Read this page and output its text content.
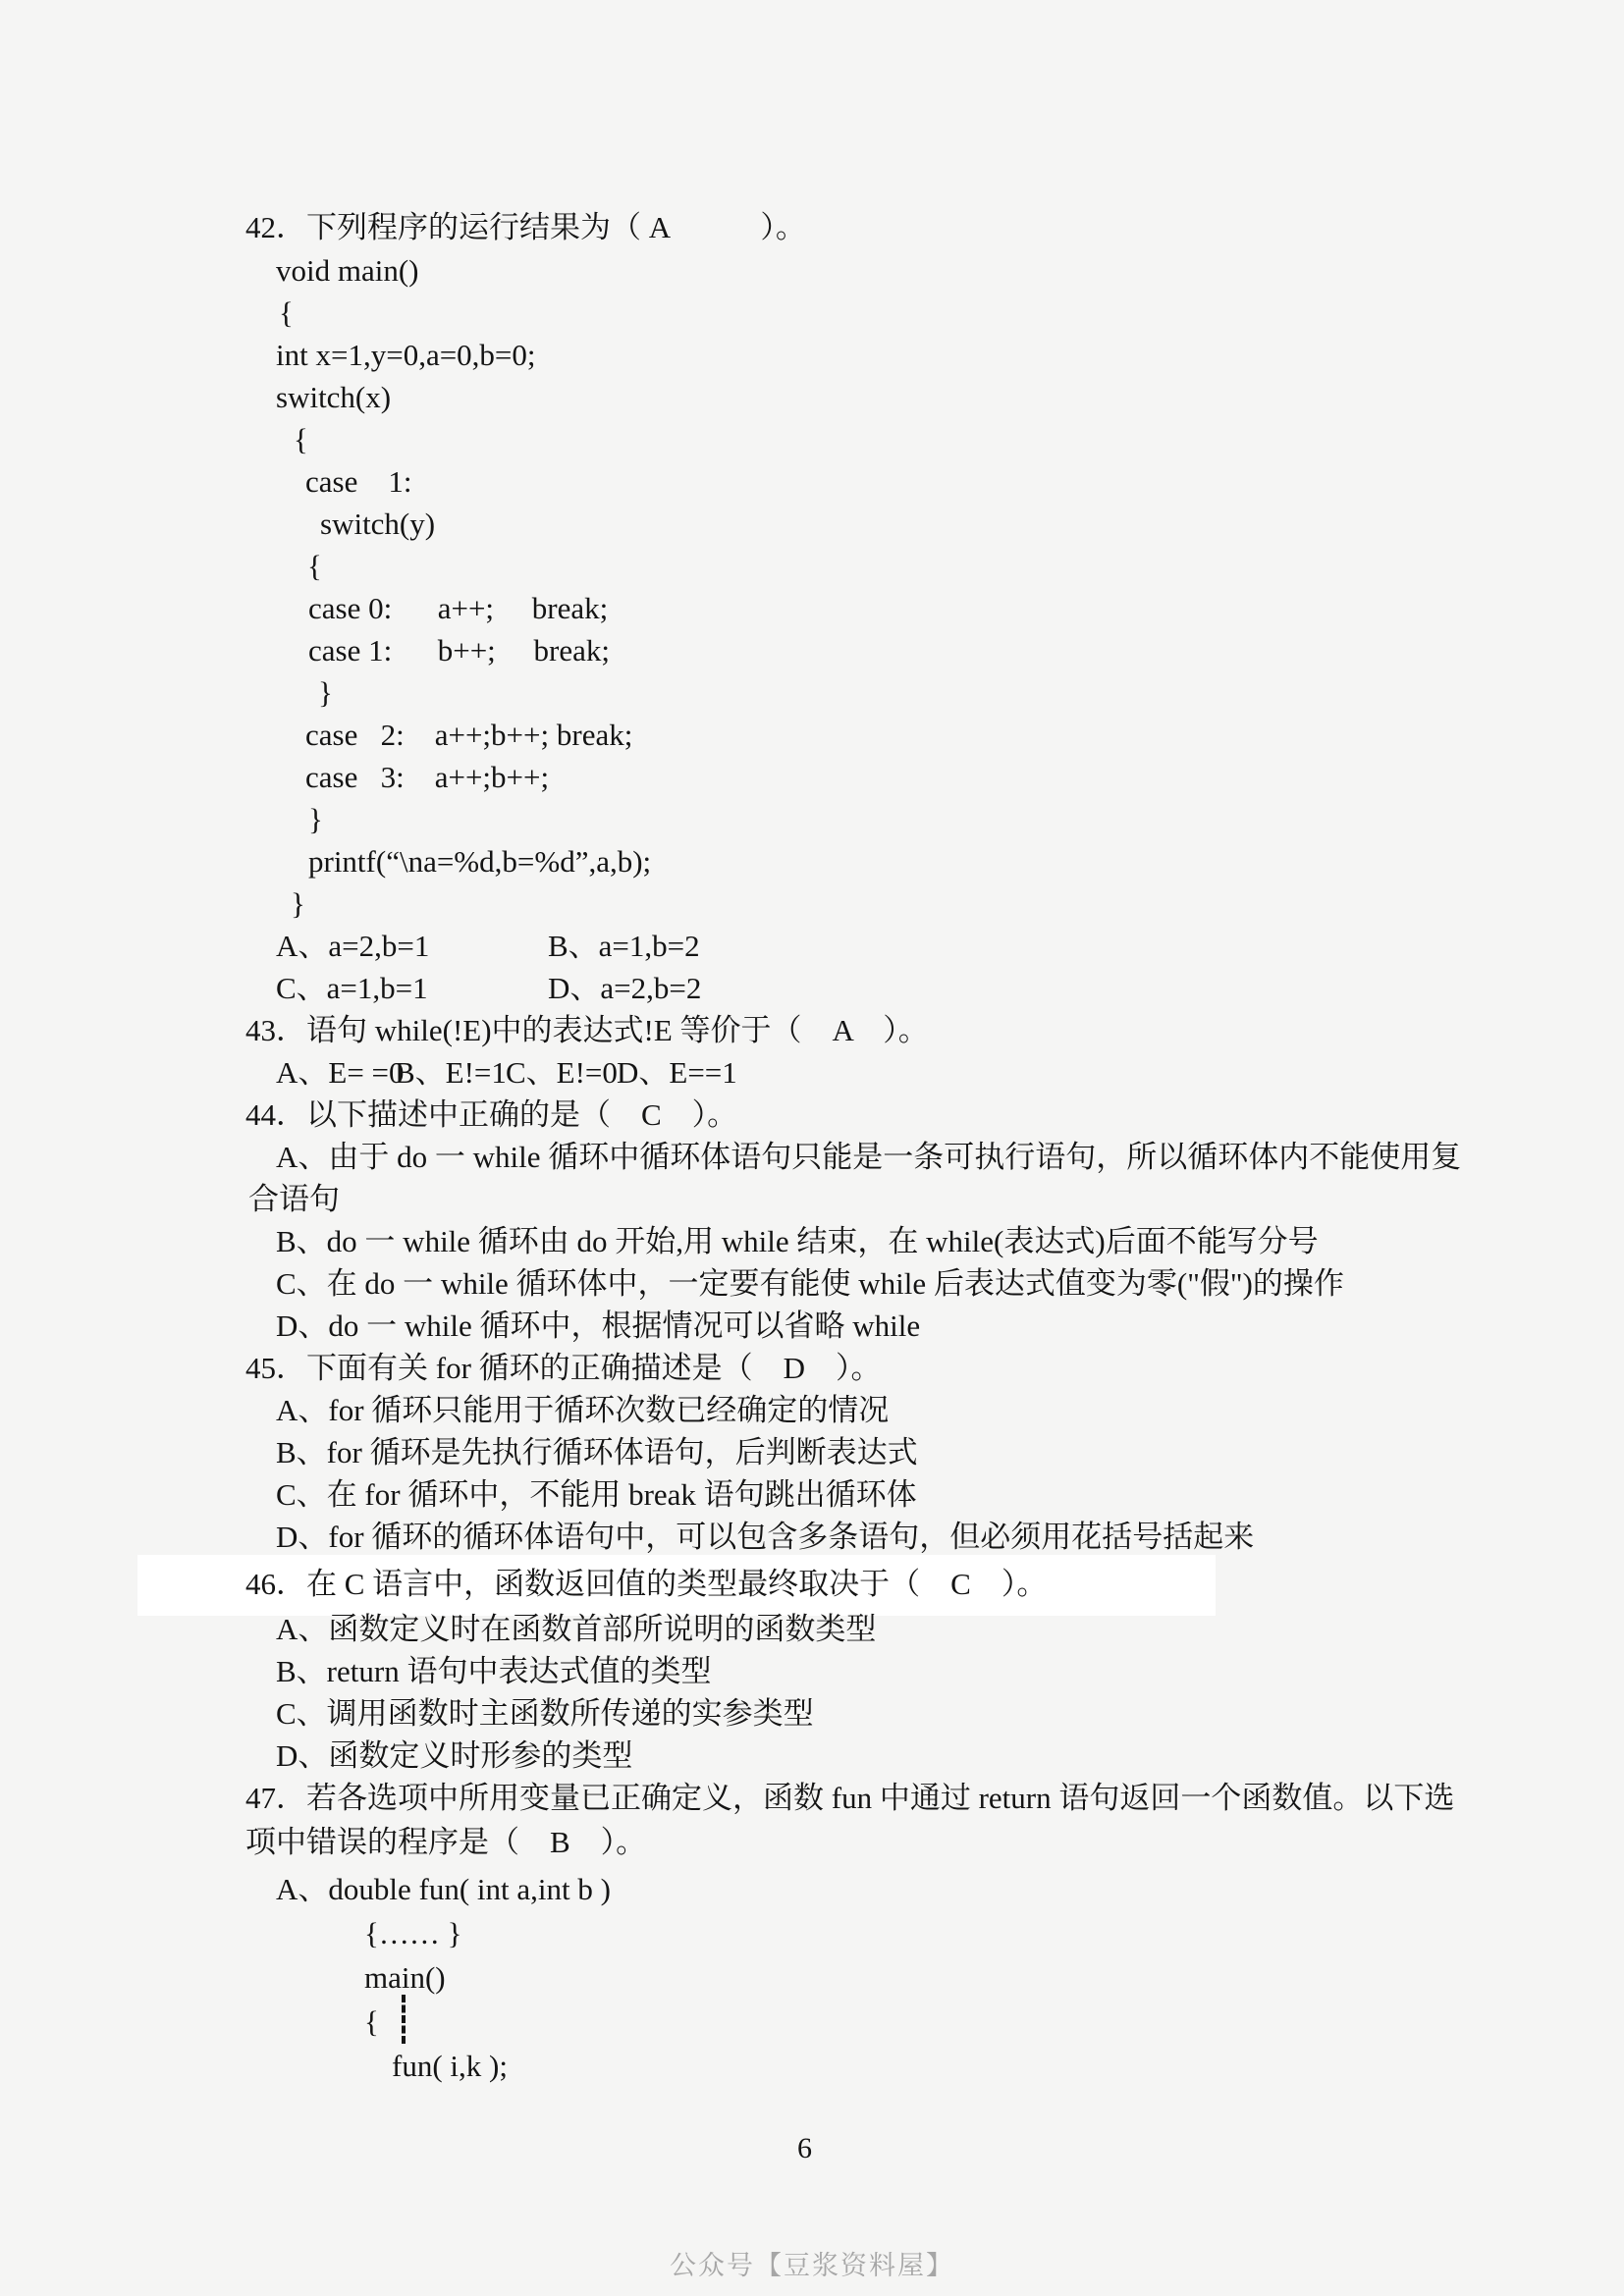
42．下列程序的运行结果为（ A　　　）。
void main()
{
int x=1,y=0,a=0,b=0;
switch(x)
{
case    1:
switch(y)
{
case 0:      a++;     break;
case 1:      b++;     break;
}
case   2:    a++;b++; break;
case   3:    a++;b++;
}
printf(“\na=%d,b=%d”,a,b);
}
A、a=2,b=1	B、a=1,b=2
C、a=1,b=1	D、a=2,b=2
43．语句 while(!E)中的表达式!E 等价于（　A　）。
A、E= =0
B、E!=1 C、E!=0 D、E==1
44．以下描述中正确的是（　C　）。
A、由于 do 一 while 循环中循环体语句只能是一条可执行语句，所以循环体内不能使用复
合语句
B、do 一 while 循环由 do 开始,用 while 结束，在 while(表达式)后面不能写分号
C、在 do 一 while 循环体中，一定要有能使 while 后表达式值变为零("假")的操作
D、do 一 while 循环中，根据情况可以省略 while
45．下面有关 for 循环的正确描述是（　D　）。
A、for 循环只能用于循环次数已经确定的情况
B、for 循环是先执行循环体语句，后判断表达式
C、在 for 循环中，不能用 break 语句跳出循环体
D、for 循环的循环体语句中，可以包含多条语句，但必须用花括号括起来
46．在 C 语言中，函数返回值的类型最终取决于（　C　）。
A、函数定义时在函数首部所说明的函数类型
B、return 语句中表达式值的类型
C、调用函数时主函数所传递的实参类型
D、函数定义时形参的类型
47．若各选项中所用变量已正确定义，函数 fun 中通过 return 语句返回一个函数值。以下选
项中错误的程序是（　B　）。
A、double fun( int a,int b )
{…… }
main()
{
fun( i,k );
6
公众号【豆浆资料屋】
